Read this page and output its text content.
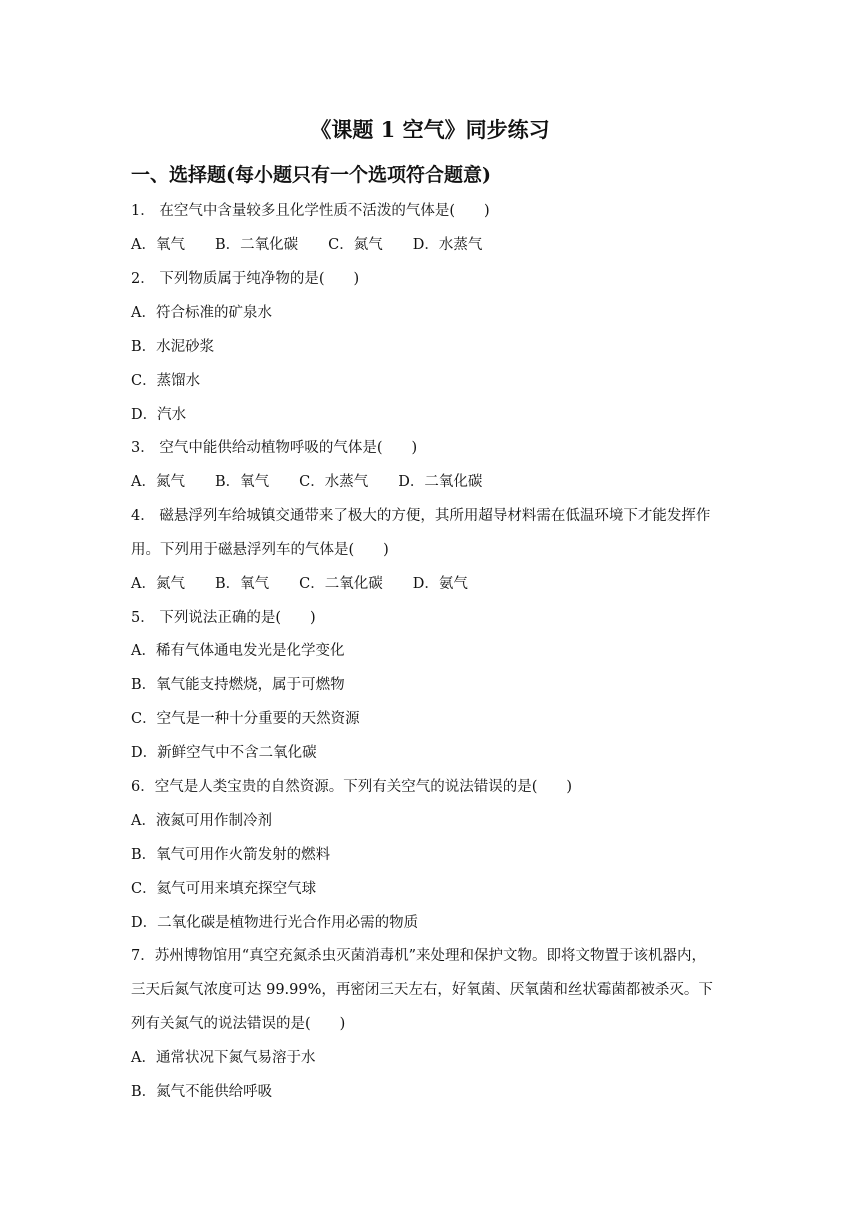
《课题 1 空气》同步练习
一、选择题(每小题只有一个选项符合题意)
1． 在空气中含量较多且化学性质不活泼的气体是(　　)
A．氧气 B．二氧化碳 C．氮气 D．水蒸气
2． 下列物质属于纯净物的是(　　)
A．符合标准的矿泉水
B．水泥砂浆
C．蒸馏水
D．汽水
3． 空气中能供给动植物呼吸的气体是(　　)
A．氮气 B．氧气 C．水蒸气 D．二氧化碳
4． 磁悬浮列车给城镇交通带来了极大的方便，其所用超导材料需在低温环境下才能发挥作
用。下列用于磁悬浮列车的气体是(　　)
A．氮气 B．氧气 C．二氧化碳 D．氨气
5． 下列说法正确的是(　　)
A．稀有气体通电发光是化学变化
B．氧气能支持燃烧，属于可燃物
C．空气是一种十分重要的天然资源
D．新鲜空气中不含二氧化碳
6．空气是人类宝贵的自然资源。下列有关空气的说法错误的是(　　)
A．液氮可用作制冷剂
B．氧气可用作火箭发射的燃料
C．氦气可用来填充探空气球
D．二氧化碳是植物进行光合作用必需的物质
7．苏州博物馆用“真空充氮杀虫灭菌消毒机”来处理和保护文物。即将文物置于该机器内，
三天后氮气浓度可达 99.99%，再密闭三天左右，好氧菌、厌氧菌和丝状霉菌都被杀灭。下
列有关氮气的说法错误的是(　　)
A．通常状况下氮气易溶于水
B．氮气不能供给呼吸
